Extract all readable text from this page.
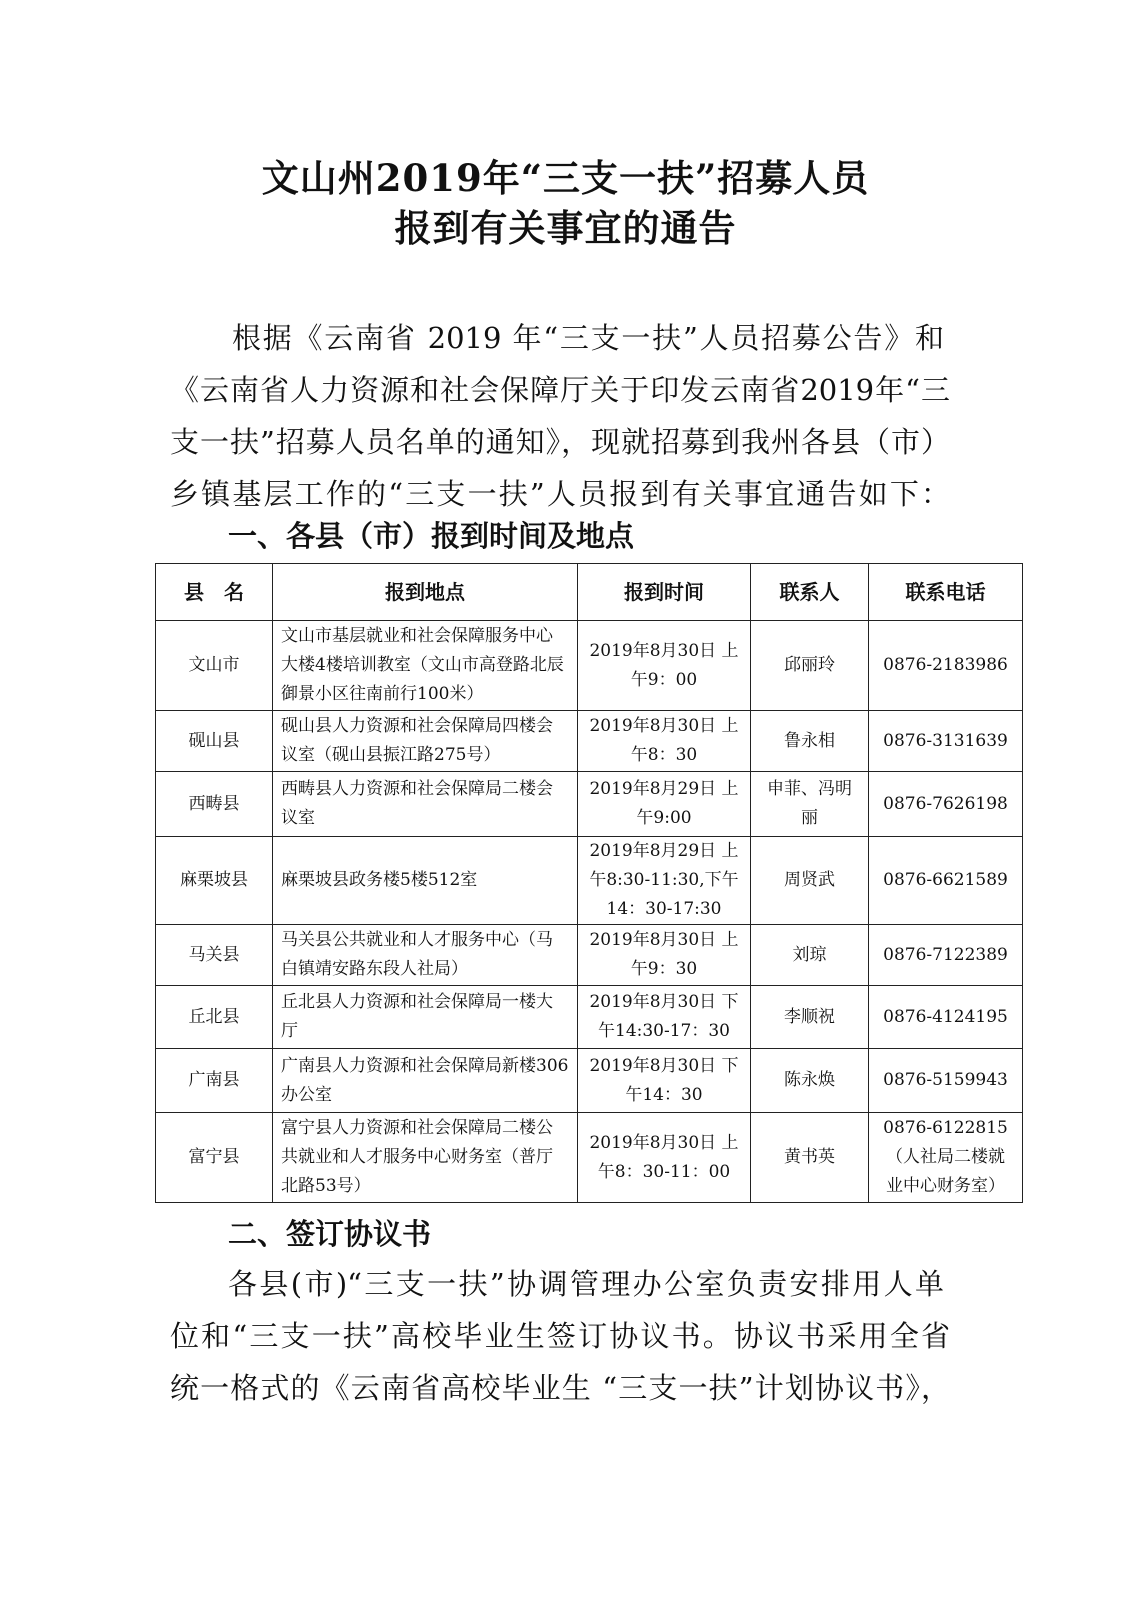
文山州2019年“三支一扶”招募人员
报到有关事宜的通告
根据《云南省 2019 年“三支一扶”人员招募公告》和
《云南省人力资源和社会保障厅关于印发云南省2019年“三
支一扶”招募人员名单的通知》，现就招募到我州各县（市）
乡镇基层工作的“三支一扶”人员报到有关事宜通告如下：
一、各县（市）报到时间及地点
县　名	报到地点	报到时间	联系人	联系电话
文山市	文山市基层就业和社会保障服务中心大楼4楼培训教室（文山市高登路北辰御景小区往南前行100米）	2019年8月30日 上午9：00	邱丽玲	0876-2183986
砚山县	砚山县人力资源和社会保障局四楼会议室（砚山县振江路275号）	2019年8月30日 上午8：30	鲁永相	0876-3131639
西畴县	西畴县人力资源和社会保障局二楼会议室	2019年8月29日 上午9:00	申菲、冯明丽	0876-7626198
麻栗坡县	麻栗坡县政务楼5楼512室	2019年8月29日 上午8:30-11:30,下午14：30-17:30	周贤武	0876-6621589
马关县	马关县公共就业和人才服务中心（马白镇靖安路东段人社局）	2019年8月30日 上午9：30	刘琼	0876-7122389
丘北县	丘北县人力资源和社会保障局一楼大厅	2019年8月30日 下午14:30-17：30	李顺祝	0876-4124195
广南县	广南县人力资源和社会保障局新楼306办公室	2019年8月30日 下午14：30	陈永焕	0876-5159943
富宁县	富宁县人力资源和社会保障局二楼公共就业和人才服务中心财务室（普厅北路53号）	2019年8月30日 上午8：30-11：00	黄书英	0876-6122815（人社局二楼就业中心财务室）
二、签订协议书
各县(市)“三支一扶”协调管理办公室负责安排用人单
位和“三支一扶”高校毕业生签订协议书。协议书采用全省
统一格式的《云南省高校毕业生 “三支一扶”计划协议书》，
